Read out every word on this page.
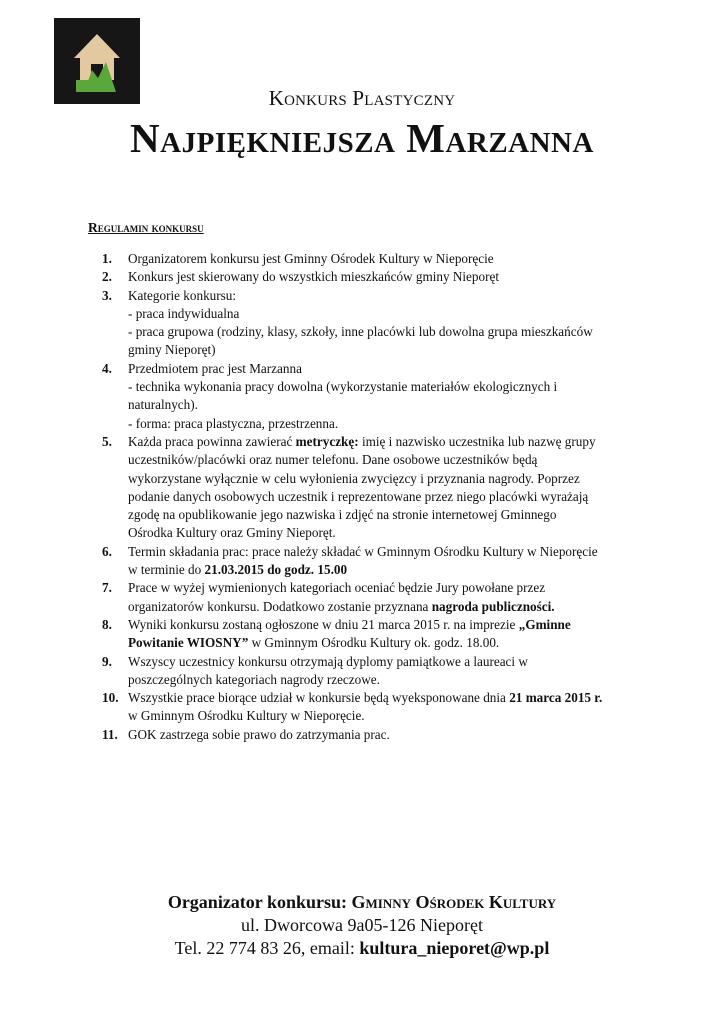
Konkurs Plastyczny
Najpiękniejsza Marzanna
Regulamin konkursu
1. Organizatorem konkursu jest Gminny Ośrodek Kultury w Nieporęcie
2. Konkurs jest skierowany do wszystkich mieszkańców gminy Nieporęt
3. Kategorie konkursu:
- praca indywidualna
- praca grupowa (rodziny, klasy, szkoły, inne placówki lub dowolna grupa mieszkańców
gminy Nieporęt)
4. Przedmiotem prac jest Marzanna
- technika wykonania pracy dowolna (wykorzystanie materiałów ekologicznych i
naturalnych).
- forma: praca plastyczna, przestrzenna.
5. Każda praca powinna zawierać metryczkę: imię i nazwisko uczestnika lub nazwę grupy
uczestników/placówki oraz numer telefonu. Dane osobowe uczestników będą
wykorzystane wyłącznie w celu wyłonienia zwycięzcy i przyznania nagrody. Poprzez
podanie danych osobowych uczestnik i reprezentowane przez niego placówki wyrażają
zgodę na opublikowanie jego nazwiska i zdjęć na stronie internetowej Gminnego
Ośrodka Kultury oraz Gminy Nieporęt.
6. Termin składania prac: prace należy składać w Gminnym Ośrodku Kultury w Nieporęcie
w terminie do 21.03.2015 do godz. 15.00
7. Prace w wyżej wymienionych kategoriach oceniać będzie Jury powołane przez
organizatorów konkursu. Dodatkowo zostanie przyznana nagroda publiczności.
8. Wyniki konkursu zostaną ogłoszone w dniu 21 marca 2015 r. na imprezie „Gminne
Powitanie WIOSNY” w Gminnym Ośrodku Kultury ok. godz. 18.00.
9. Wszyscy uczestnicy konkursu otrzymają dyplomy pamiątkowe a laureaci w
poszczególnych kategoriach nagrody rzeczowe.
10. Wszystkie prace biorące udział w konkursie będą wyeksponowane dnia 21 marca 2015 r.
w Gminnym Ośrodku Kultury w Nieporęcie.
11. GOK zastrzega sobie prawo do zatrzymania prac.
Organizator konkursu: Gminny Ośrodek Kultury
ul. Dworcowa 9a05-126 Nieporęt
Tel. 22 774 83 26, email: kultura_nieporet@wp.pl
